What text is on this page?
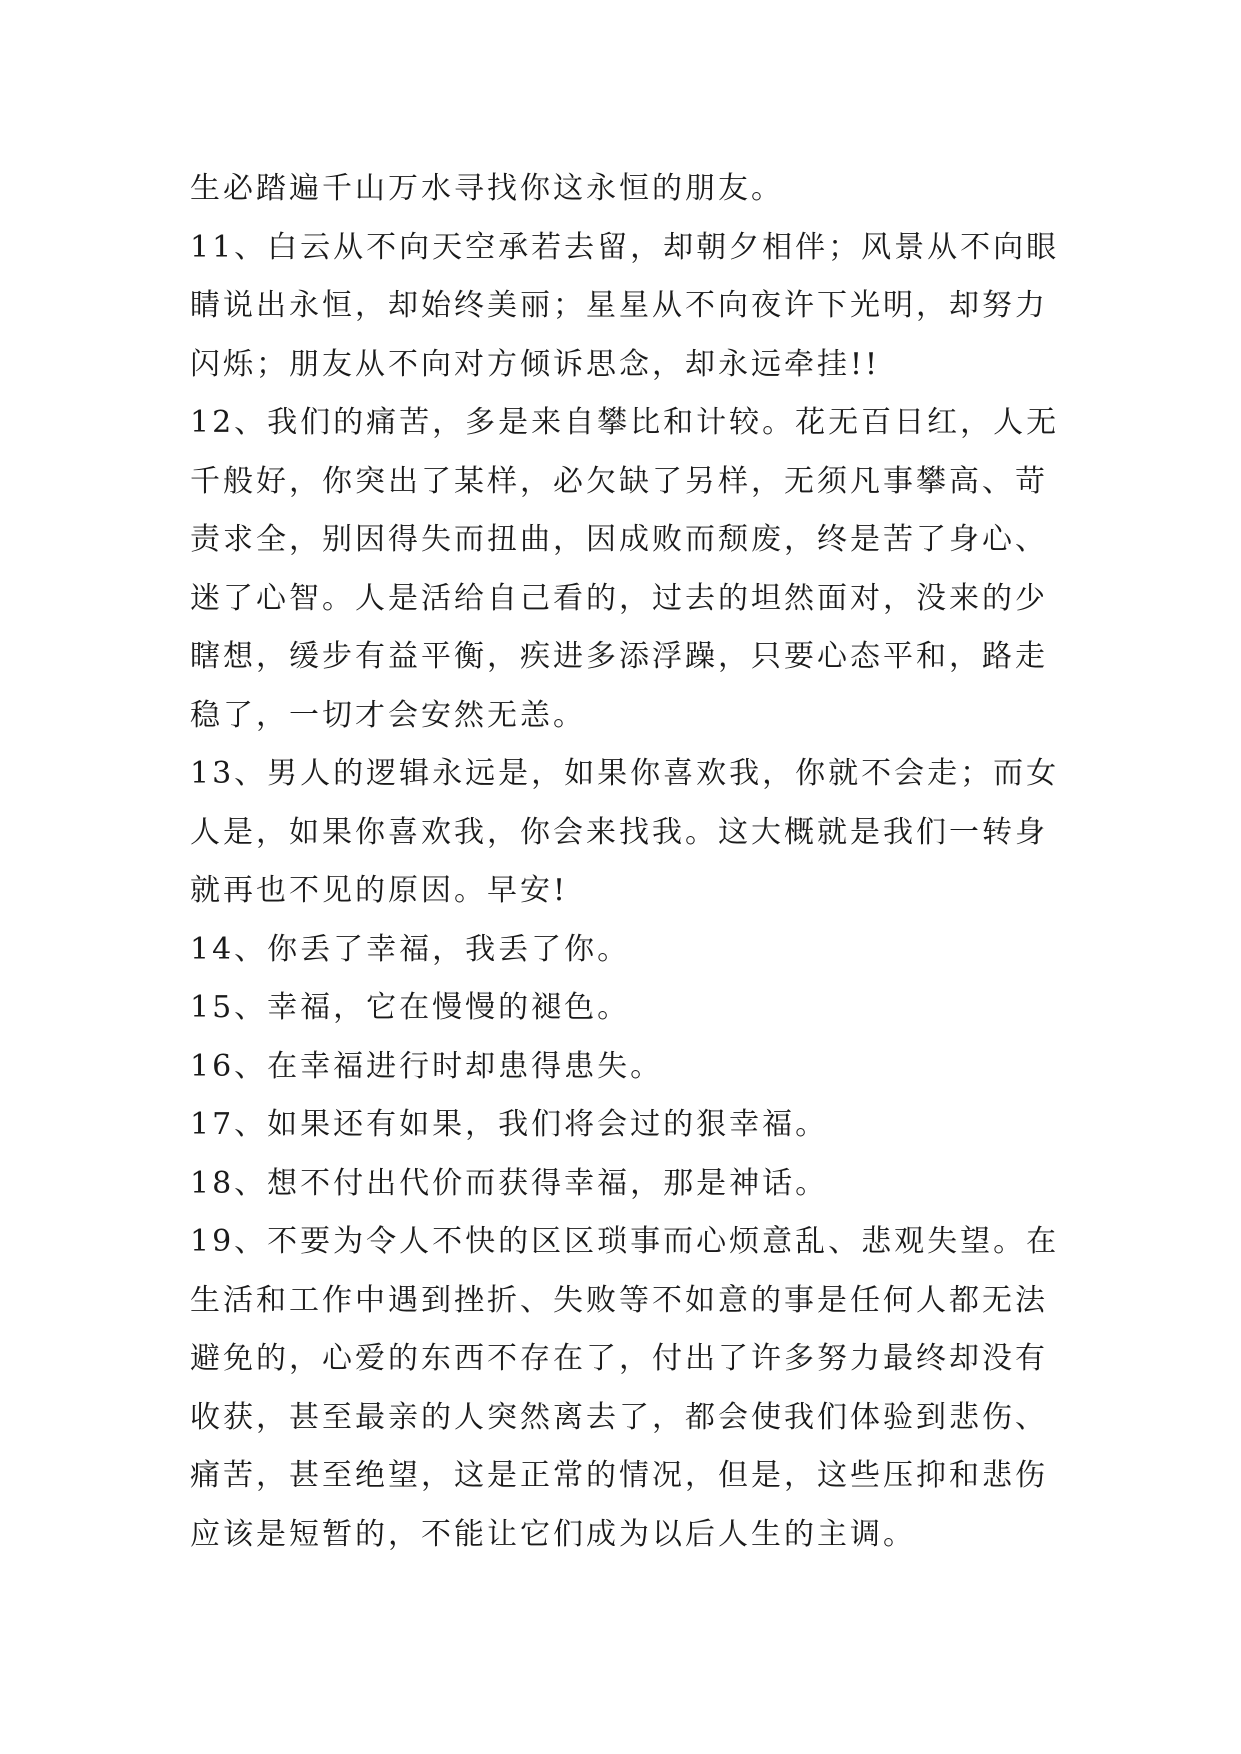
生必踏遍千山万水寻找你这永恒的朋友。
11、白云从不向天空承若去留，却朝夕相伴；风景从不向眼
睛说出永恒，却始终美丽；星星从不向夜许下光明，却努力
闪烁；朋友从不向对方倾诉思念，却永远牵挂!!
12、我们的痛苦，多是来自攀比和计较。花无百日红，人无
千般好，你突出了某样，必欠缺了另样，无须凡事攀高、苛
责求全，别因得失而扭曲，因成败而颓废，终是苦了身心、
迷了心智。人是活给自己看的，过去的坦然面对，没来的少
瞎想，缓步有益平衡，疾进多添浮躁，只要心态平和，路走
稳了，一切才会安然无恙。
13、男人的逻辑永远是，如果你喜欢我，你就不会走；而女
人是，如果你喜欢我，你会来找我。这大概就是我们一转身
就再也不见的原因。早安!
14、你丢了幸福，我丢了你。
15、幸福，它在慢慢的褪色。
16、在幸福进行时却患得患失。
17、如果还有如果，我们将会过的狠幸福。
18、想不付出代价而获得幸福，那是神话。
19、不要为令人不快的区区琐事而心烦意乱、悲观失望。在
生活和工作中遇到挫折、失败等不如意的事是任何人都无法
避免的，心爱的东西不存在了，付出了许多努力最终却没有
收获，甚至最亲的人突然离去了，都会使我们体验到悲伤、
痛苦，甚至绝望，这是正常的情况，但是，这些压抑和悲伤
应该是短暂的，不能让它们成为以后人生的主调。
